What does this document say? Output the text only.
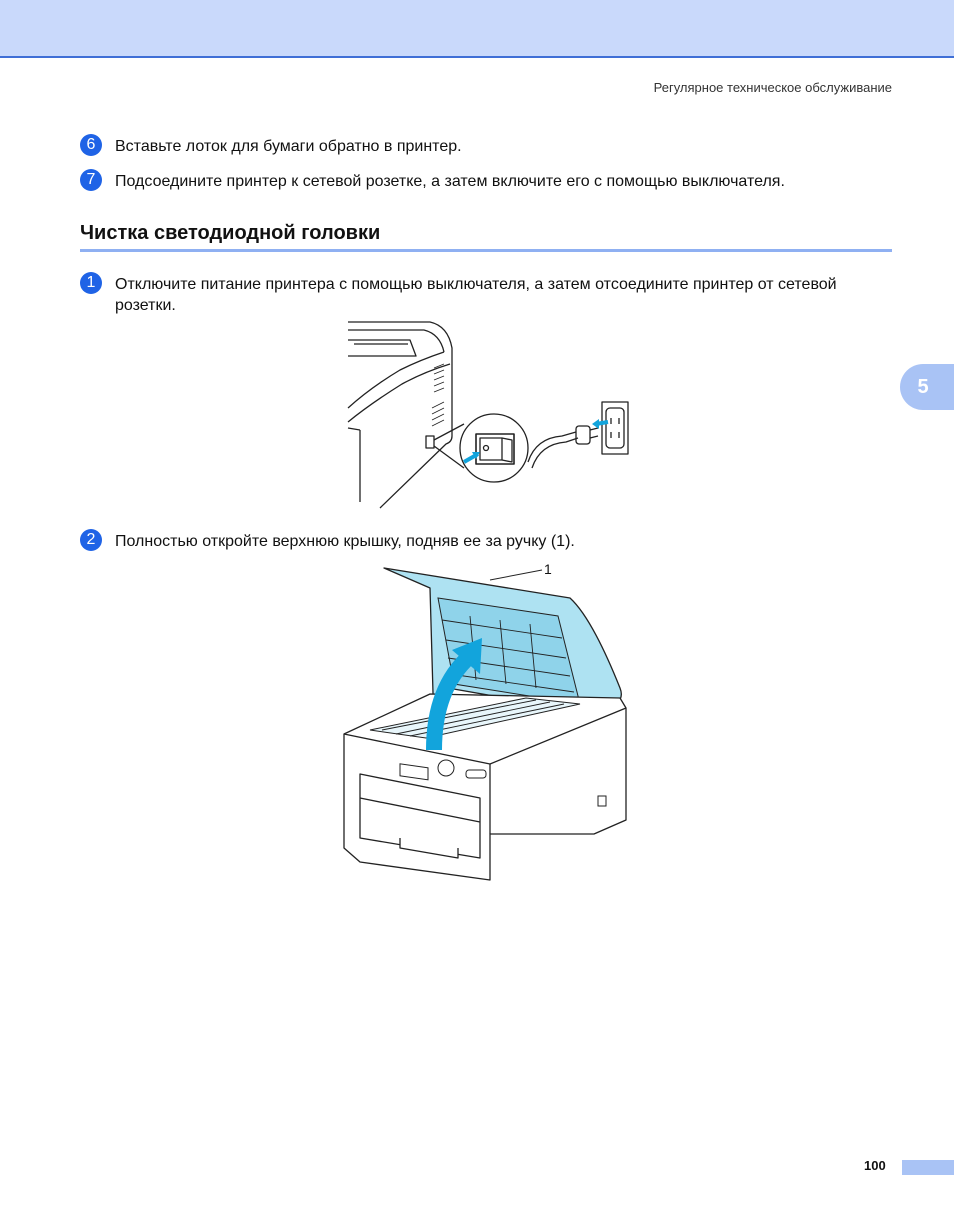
Регулярное техническое обслуживание
6	Вставьте лоток для бумаги обратно в принтер.
7	Подсоедините принтер к сетевой розетке, а затем включите его с помощью выключателя.
Чистка светодиодной головки
1	Отключите питание принтера с помощью выключателя, а затем отсоедините принтер от сетевой розетки.
2	Полностью откройте верхнюю крышку, подняв ее за ручку (1).
1
5
100
